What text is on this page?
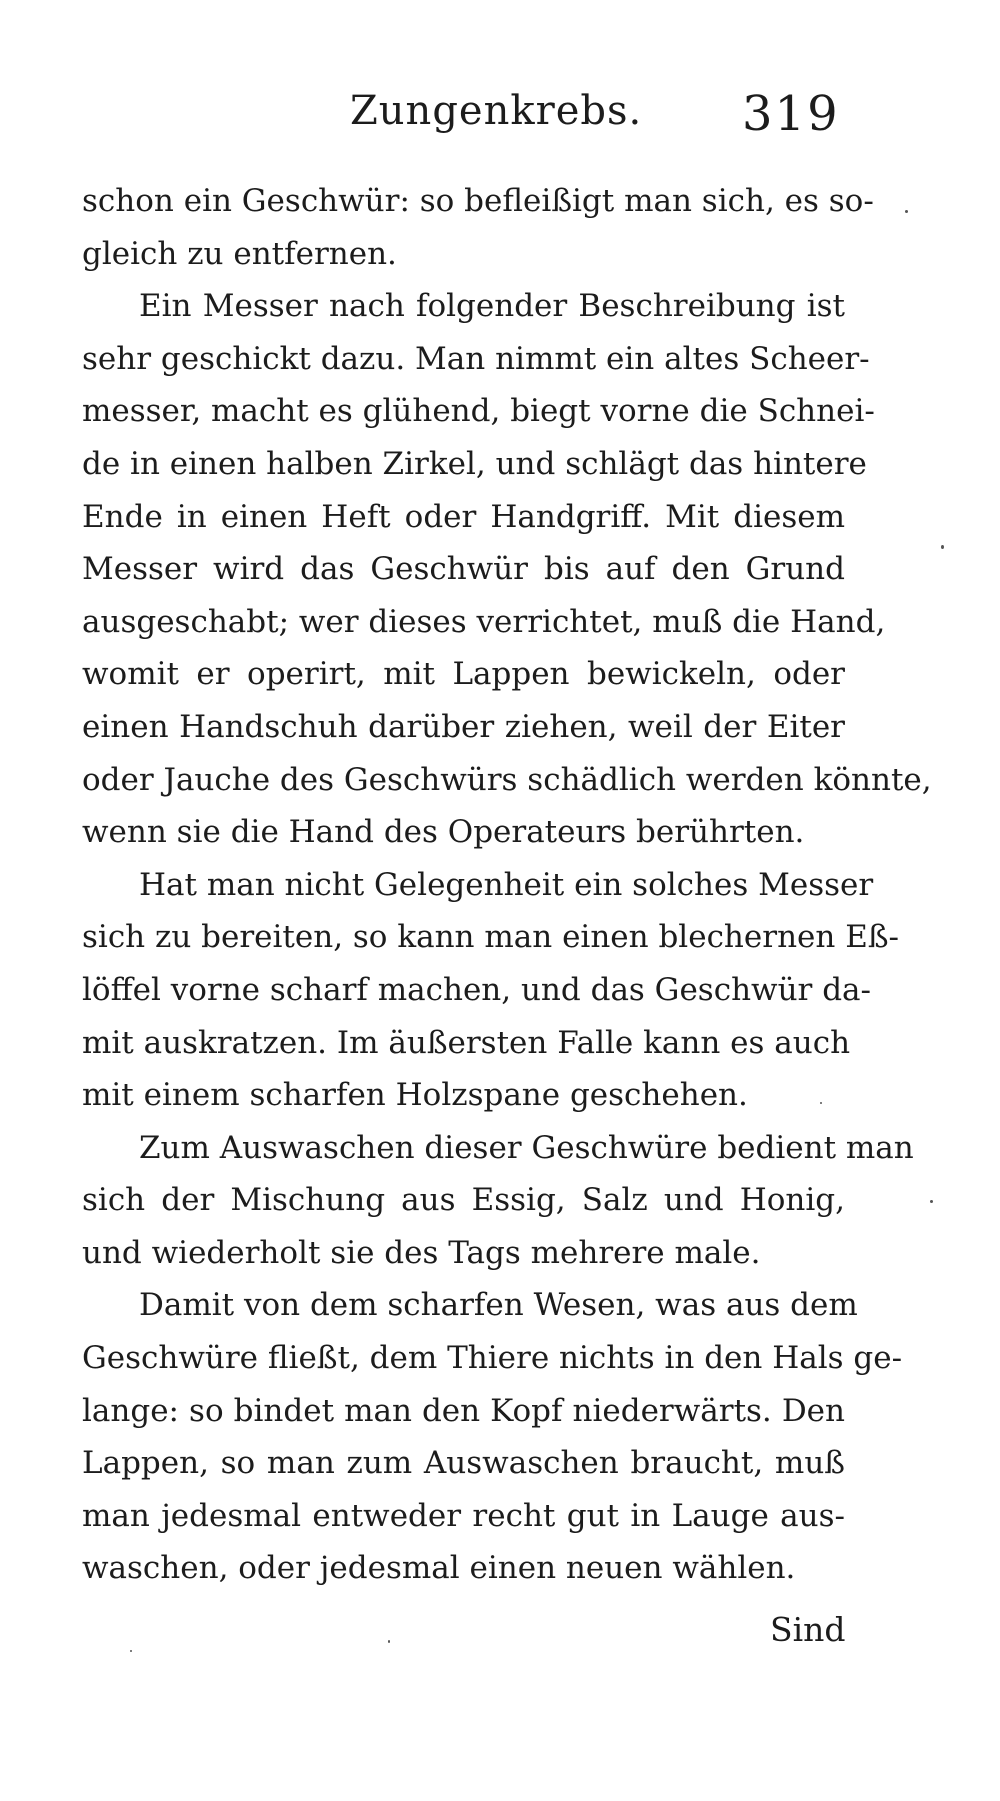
Zungenkrebs. 319
schon ein Geschwür: so befleißigt man sich, es so-
gleich zu entfernen.
Ein Messer nach folgender Beschreibung ist
sehr geschickt dazu. Man nimmt ein altes Scheer-
messer, macht es glühend, biegt vorne die Schnei-
de in einen halben Zirkel, und schlägt das hintere
Ende in einen Heft oder Handgriff. Mit diesem
Messer wird das Geschwür bis auf den Grund
ausgeschabt; wer dieses verrichtet, muß die Hand,
womit er operirt, mit Lappen bewickeln, oder
einen Handschuh darüber ziehen, weil der Eiter
oder Jauche des Geschwürs schädlich werden könnte,
wenn sie die Hand des Operateurs berührten.
Hat man nicht Gelegenheit ein solches Messer
sich zu bereiten, so kann man einen blechernen Eß-
löffel vorne scharf machen, und das Geschwür da-
mit auskratzen. Im äußersten Falle kann es auch
mit einem scharfen Holzspane geschehen.
Zum Auswaschen dieser Geschwüre bedient man
sich der Mischung aus Essig, Salz und Honig,
und wiederholt sie des Tags mehrere male.
Damit von dem scharfen Wesen, was aus dem
Geschwüre fließt, dem Thiere nichts in den Hals ge-
lange: so bindet man den Kopf niederwärts. Den
Lappen, so man zum Auswaschen braucht, muß
man jedesmal entweder recht gut in Lauge aus-
waschen, oder jedesmal einen neuen wählen.
Sind
